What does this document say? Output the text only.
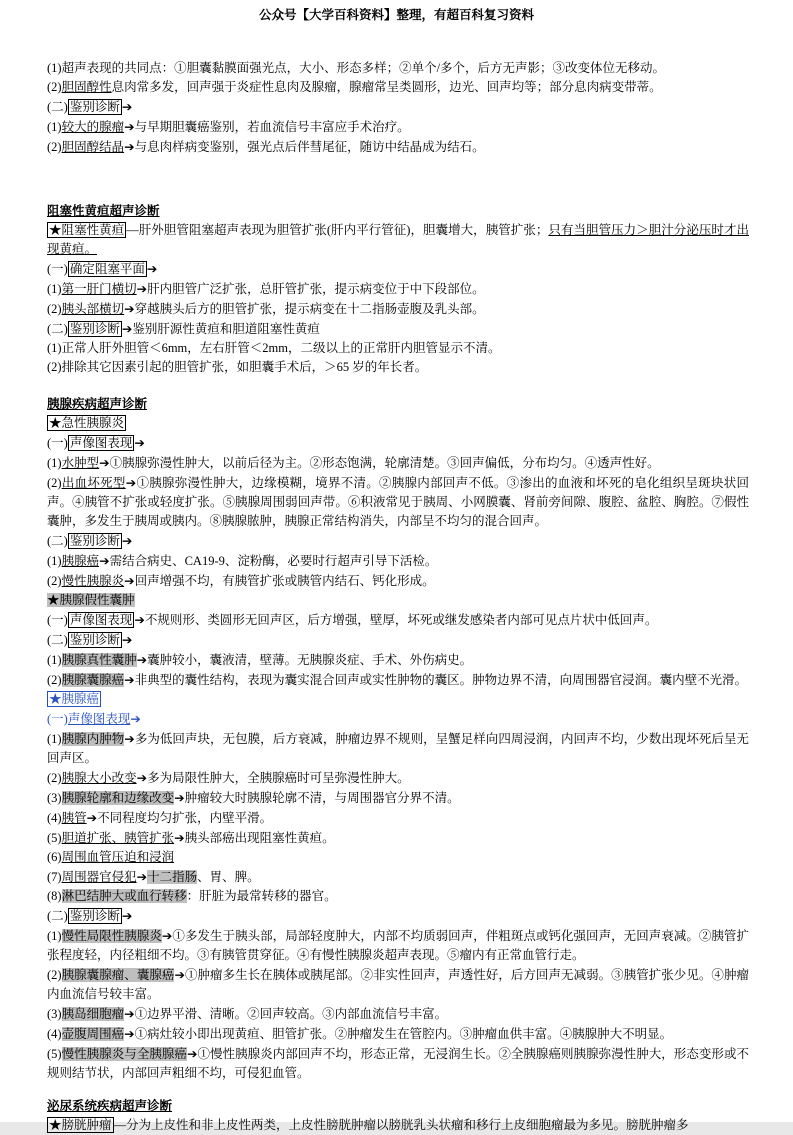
公众号【大学百科资料】整理，有超百科复习资料
(1)超声表现的共同点：①胆囊黏膜面强光点，大小、形态多样；②单个/多个，后方无声影；③改变体位无移动。
(2)胆固醇性息肉常多发，回声强于炎症性息肉及腺瘤，腺瘤常呈类圆形，边光、回声均等；部分息肉病变带蒂。
(二) 鉴别诊断 ➔
(1)较大的腺瘤➔与早期胆囊癌鉴别，若血流信号丰富应手术治疗。
(2)胆固醇结晶➔与息肉样病变鉴别，强光点后伴彗尾征，随访中结晶成为结石。
阻塞性黄疸超声诊断
★阻塞性黄疸 —肝外胆管阻塞超声表现为胆管扩张(肝内平行管征)，胆囊增大，胰管扩张；只有当胆管压力＞胆汁分泌压时才出现黄疸。
(一) 确定阻塞平面 ➔
(1)第一肝门横切➔肝内胆管广泛扩张，总肝管扩张，提示病变位于中下段部位。
(2)胰头部横切➔穿越胰头后方的胆管扩张，提示病变在十二指肠壶腹及乳头部。
(二) 鉴别诊断 ➔鉴别肝源性黄疸和胆道阻塞性黄疸
(1)正常人肝外胆管＜6mm，左右肝管＜2mm，二级以上的正常肝内胆管显示不清。
(2)排除其它因素引起的胆管扩张，如胆囊手术后，＞65 岁的年长者。
胰腺疾病超声诊断
★急性胰腺炎
(一) 声像图表现 ➔
(1)水肿型➔①胰腺弥漫性肿大，以前后径为主。②形态饱满，轮廓清楚。③回声偏低，分布均匀。④透声性好。
(2)出血坏死型➔①胰腺弥漫性肿大，边缘模糊，境界不清。②胰腺内部回声不低。③渗出的血液和坏死的皂化组织呈斑块状回声。④胰管不扩张或轻度扩张。⑤胰腺周围弱回声带。⑥积液常见于胰周、小网膜囊、肾前旁间隙、腹腔、盆腔、胸腔。⑦假性囊肿，多发生于胰周或胰内。⑧胰腺脓肿，胰腺正常结构消失，内部呈不均匀的混合回声。
(二) 鉴别诊断 ➔
(1)胰腺癌➔需结合病史、CA19-9、淀粉酶，必要时行超声引导下活检。
(2)慢性胰腺炎➔回声增强不均，有胰管扩张或胰管内结石、钙化形成。
★胰腺假性囊肿
(一) 声像图表现 ➔不规则形、类圆形无回声区，后方增强，壁厚，坏死或继发感染者内部可见点片状中低回声。
(二) 鉴别诊断 ➔
(1)胰腺真性囊肿➔囊肿较小，囊液清，壁薄。无胰腺炎症、手术、外伤病史。
(2)胰腺囊腺癌➔非典型的囊性结构，表现为囊实混合回声或实性肿物的囊区。肿物边界不清，向周围器官浸润。囊内壁不光滑。
★胰腺癌
(一)声像图表现➔
(1)胰腺内肿物➔多为低回声块，无包膜，后方衰减，肿瘤边界不规则，呈蟹足样向四周浸润，内回声不均，少数出现坏死后呈无回声区。
(2)胰腺大小改变➔多为局限性肿大，全胰腺癌时可呈弥漫性肿大。
(3)胰腺轮廓和边缘改变➔肿瘤较大时胰腺轮廓不清，与周围器官分界不清。
(4)胰管➔不同程度均匀扩张，内壁平滑。
(5)胆道扩张、胰管扩张➔胰头部癌出现阻塞性黄疸。
(6)周围血管压迫和浸润
(7)周围器官侵犯➔十二指肠、胃、脾。
(8)淋巴结肿大或血行转移：肝脏为最常转移的器官。
(二) 鉴别诊断 ➔
(1)慢性局限性胰腺炎➔①多发生于胰头部，局部轻度肿大，内部不均质弱回声，伴粗斑点或钙化强回声，无回声衰减。②胰管扩张程度轻，内径粗细不均。③有胰管贯穿征。④有慢性胰腺炎超声表现。⑤瘤内有正常血管行走。
(2)胰腺囊腺瘤、囊腺癌➔①肿瘤多生长在胰体或胰尾部。②非实性回声，声透性好，后方回声无减弱。③胰管扩张少见。④肿瘤内血流信号较丰富。
(3)胰岛细胞瘤➔①边界平滑、清晰。②回声较高。③内部血流信号丰富。
(4)壶腹周围癌➔①病灶较小即出现黄疸、胆管扩张。②肿瘤发生在管腔内。③肿瘤血供丰富。④胰腺肿大不明显。
(5)慢性胰腺炎与全胰腺癌➔①慢性胰腺炎内部回声不均，形态正常，无浸润生长。②全胰腺癌则胰腺弥漫性肿大，形态变形或不规则结节状，内部回声粗细不均，可侵犯血管。
泌尿系统疾病超声诊断
★膀胱肿瘤 —分为上皮性和非上皮性两类，上皮性膀胱肿瘤以膀胱乳头状瘤和移行上皮细胞瘤最为多见。膀胱肿瘤多
